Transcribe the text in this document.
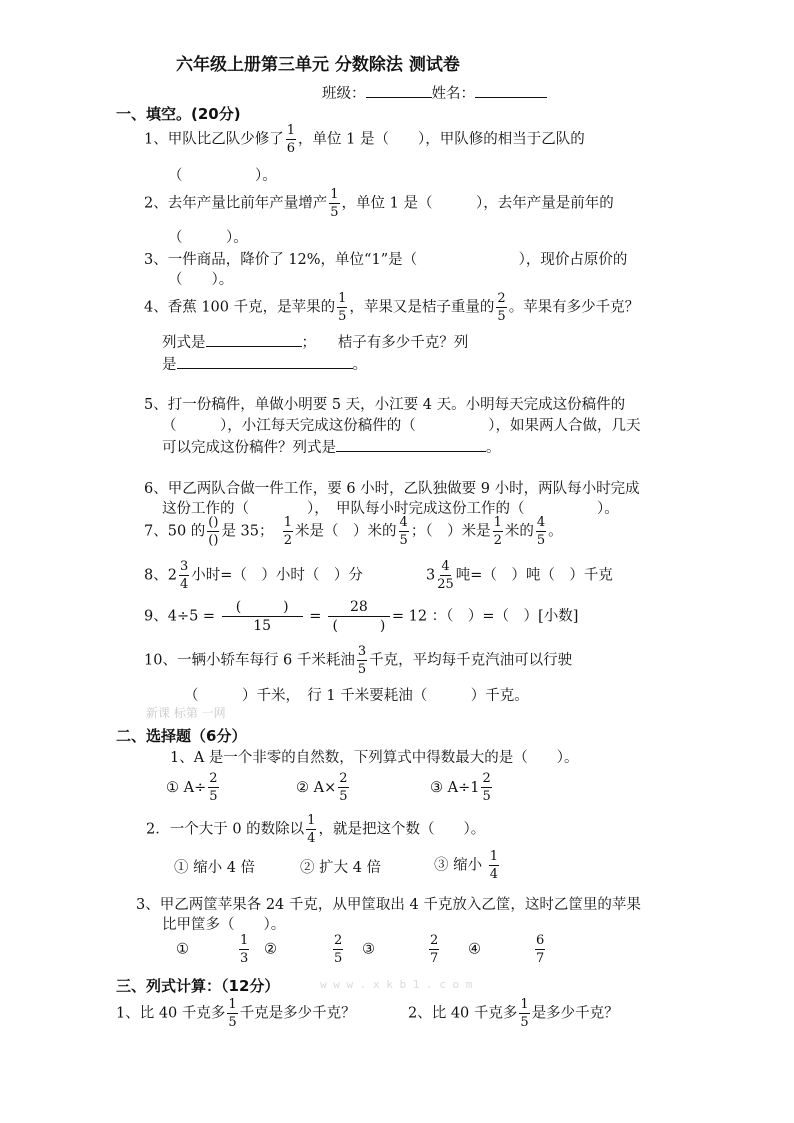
六年级上册第三单元 分数除法 测试卷
班级：	姓名：
一、填空。(20分)
1、甲队比乙队少修了 $\frac{1}{6}$ ，单位 1 是（　　），甲队修的相当于乙队的
（　　　　　）。
2、去年产量比前年产量增产 $\frac{1}{5}$ ，单位 1 是（　　　），去年产量是前年的
（　　　）。
3、一件商品，降价了 12%，单位“1”是（　　　　　　　），现价占原价的
（　　）。
4、香蕉 100 千克，是苹果的 $\frac{1}{5}$ ，苹果又是桔子重量的 $\frac{2}{5}$ 。苹果有多少千克？
列式是	；　　桔子有多少千克？列
是	。
5、打一份稿件，单做小明要 5 天，小江要 4 天。小明每天完成这份稿件的
（　　　），小江每天完成这份稿件的（　　　　　），如果两人合做，几天
可以完成这份稿件？列式是	。
6、甲乙两队合做一件工作，要 6 小时，乙队独做要 9 小时，两队每小时完成
这份工作的（　　　　），　甲队每小时完成这份工作的（　　　　　）。
7、50 的 $\frac{()}{()}$ 是 35；　 $\frac{1}{2}$ 米是（　）米的 $\frac{4}{5}$ ；（　）米是 $\frac{1}{2}$ 米的 $\frac{4}{5}$ 。
8、$2 \frac{3}{4}$ 小时=（　）小时（　）分	$3 \frac{4}{25}$ 吨=（　）吨（　）千克
9、$4\div 5 = \frac{( )}{15} = \frac{28}{( )} = 12$ ：（　）=（　）[小数]
10、一辆小轿车每行 6 千米耗油 $\frac{3}{5}$ 千克，平均每千克汽油可以行驶
（　　　）千米，　行 1 千米要耗油（　　　）千克。
新课 标第 一网
二、选择题（6分）
1、A 是一个非零的自然数，下列算式中得数最大的是（　　）。
① $A\div \frac{2}{5}$	② $A\times \frac{2}{5}$	③ $A\div 1 \frac{2}{5}$
2．一个大于 0 的数除以 $\frac{1}{4}$ ，就是把这个数（　　）。
① 缩小 4 倍	② 扩大 4 倍	③ 缩小 $\frac{1}{4}$
3、甲乙两筐苹果各 24 千克，从甲筐取出 4 千克放入乙筐，这时乙筐里的苹果
比甲筐多（　　）。
①	$\frac{1}{3}$ ②	$\frac{2}{5}$ ③	$\frac{2}{7}$ ④	$\frac{6}{7}$
w w w . x k b 1 . c o m
三、列式计算：（12分）
1、比 40 千克多 $\frac{1}{5}$ 千克是多少千克？	2、比 40 千克多 $\frac{1}{5}$ 是多少千克？
